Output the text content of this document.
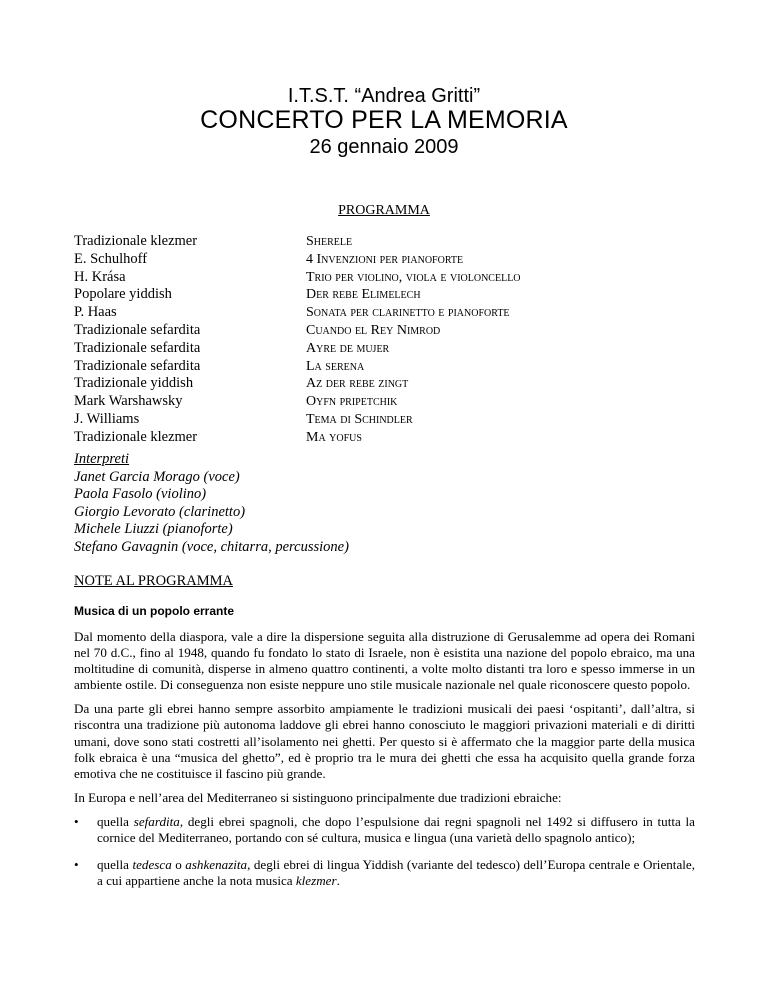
I.T.S.T. “Andrea Gritti”
CONCERTO PER LA MEMORIA
26 gennaio 2009
PROGRAMMA
Tradizionale klezmer	Sherele
E. Schulhoff	4 Invenzioni per pianoforte
H. Krása	Trio per violino, viola e violoncello
Popolare yiddish	Der rebe Elimelech
P. Haas	Sonata per clarinetto e pianoforte
Tradizionale sefardita	Cuando el Rey Nimrod
Tradizionale sefardita	Ayre de mujer
Tradizionale sefardita	La serena
Tradizionale yiddish	Az der rebe zingt
Mark Warshawsky	Oyfn pripetchik
J. Williams	Tema di Schindler
Tradizionale klezmer	Ma yofus
Interpreti
Janet Garcia Morago (voce)
Paola Fasolo (violino)
Giorgio Levorato (clarinetto)
Michele Liuzzi (pianoforte)
Stefano Gavagnin (voce, chitarra, percussione)
NOTE AL PROGRAMMA
Musica di un popolo errante

Dal momento della diaspora, vale a dire la dispersione seguita alla distruzione di Gerusalemme ad opera dei Romani nel 70 d.C., fino al 1948, quando fu fondato lo stato di Israele, non è esistita una nazione del popolo ebraico, ma una moltitudine di comunità, disperse in almeno quattro continenti, a volte molto distanti tra loro e spesso immerse in un ambiente ostile. Di conseguenza non esiste neppure uno stile musicale nazionale nel quale riconoscere questo popolo.

Da una parte gli ebrei hanno sempre assorbito ampiamente le tradizioni musicali dei paesi ‘ospitanti’, dall’altra, si riscontra una tradizione più autonoma laddove gli ebrei hanno conosciuto le maggiori privazioni materiali e di diritti umani, dove sono stati costretti all’isolamento nei ghetti. Per questo si è affermato che la maggior parte della musica folk ebraica è una “musica del ghetto”, ed è proprio tra le mura dei ghetti che essa ha acquisito quella grande forza emotiva che ne costituisce il fascino più grande.

In Europa e nell’area del Mediterraneo si sistinguono principalmente due tradizioni ebraiche:

• quella sefardita, degli ebrei spagnoli, che dopo l’espulsione dai regni spagnoli nel 1492 si diffusero in tutta la cornice del Mediterraneo, portando con sé cultura, musica e lingua (una varietà dello spagnolo antico);
• quella tedesca o ashkenazita, degli ebrei di lingua Yiddish (variante del tedesco) dell’Europa centrale e Orientale, a cui appartiene anche la nota musica klezmer.
